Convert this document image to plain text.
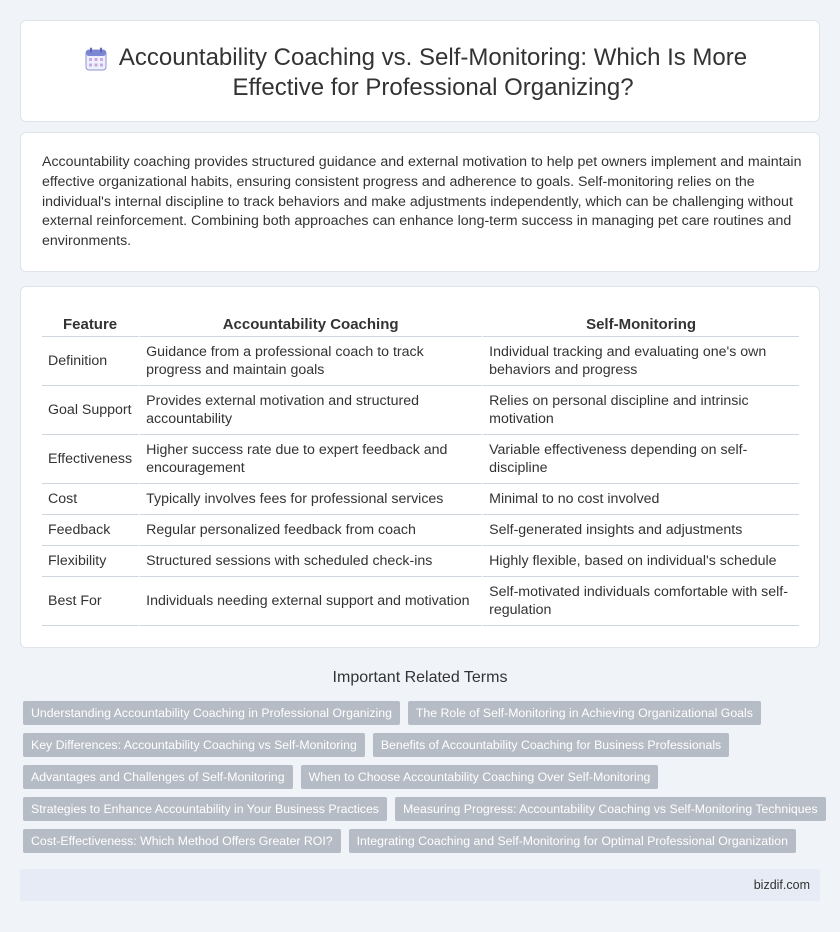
Accountability Coaching vs. Self-Monitoring: Which Is More Effective for Professional Organizing?

Accountability coaching provides structured guidance and external motivation to help pet owners implement and maintain effective organizational habits, ensuring consistent progress and adherence to goals. Self-monitoring relies on the individual's internal discipline to track behaviors and make adjustments independently, which can be challenging without external reinforcement. Combining both approaches can enhance long-term success in managing pet care routines and environments.

Feature	Accountability Coaching	Self-Monitoring
Definition	Guidance from a professional coach to track progress and maintain goals	Individual tracking and evaluating one's own behaviors and progress
Goal Support	Provides external motivation and structured accountability	Relies on personal discipline and intrinsic motivation
Effectiveness	Higher success rate due to expert feedback and encouragement	Variable effectiveness depending on self-discipline
Cost	Typically involves fees for professional services	Minimal to no cost involved
Feedback	Regular personalized feedback from coach	Self-generated insights and adjustments
Flexibility	Structured sessions with scheduled check-ins	Highly flexible, based on individual's schedule
Best For	Individuals needing external support and motivation	Self-motivated individuals comfortable with self-regulation
Important Related Terms
Understanding Accountability Coaching in Professional Organizing	The Role of Self-Monitoring in Achieving Organizational Goals
Key Differences: Accountability Coaching vs Self-Monitoring	Benefits of Accountability Coaching for Business Professionals
Advantages and Challenges of Self-Monitoring	When to Choose Accountability Coaching Over Self-Monitoring
Strategies to Enhance Accountability in Your Business Practices	Measuring Progress: Accountability Coaching vs Self-Monitoring Techniques
Cost-Effectiveness: Which Method Offers Greater ROI?	Integrating Coaching and Self-Monitoring for Optimal Professional Organization
bizdif.com
